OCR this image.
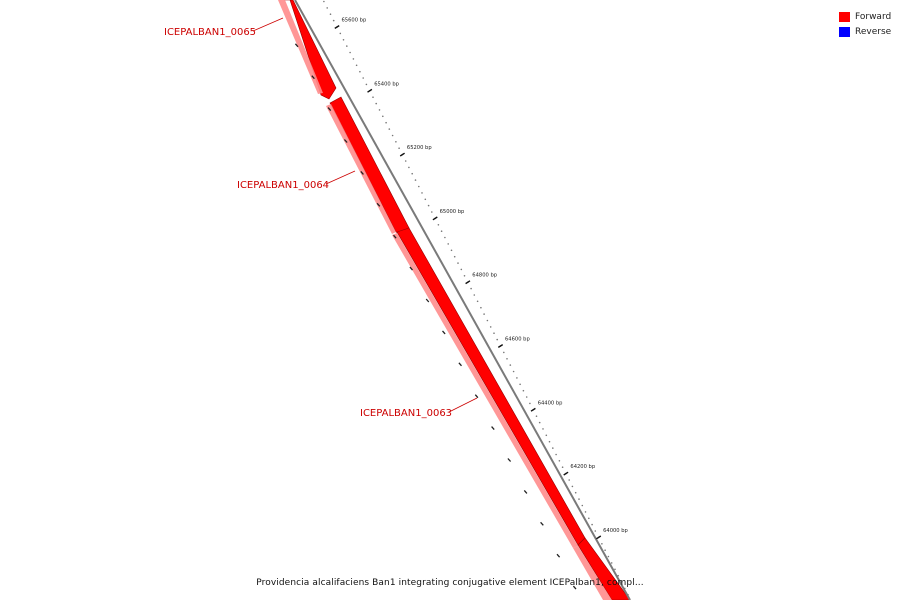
65600 bp
65400 bp
65200 bp
65000 bp
64800 bp
64600 bp
64400 bp
64200 bp
64000 bp
ICEPALBAN1_0065
ICEPALBAN1_0064
ICEPALBAN1_0063
Forward
Reverse
Providencia alcalifaciens Ban1 integrating conjugative element ICEPalban1, compl...
